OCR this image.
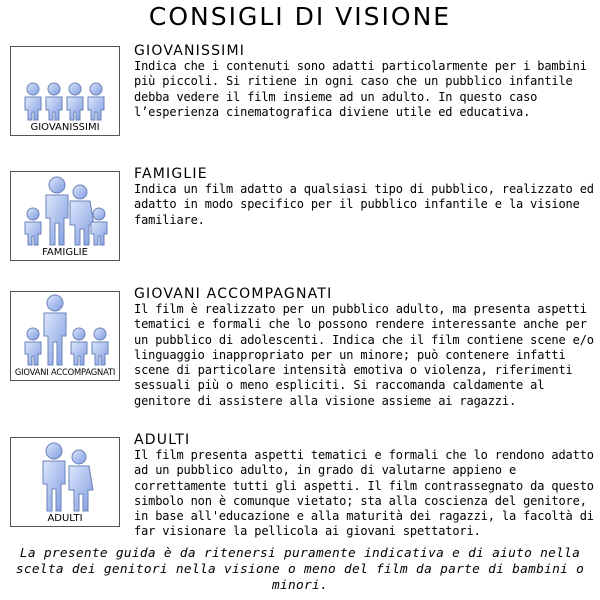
CONSIGLI DI VISIONE
GIOVANISSIMI

GIOVANISSIMI

Indica che i contenuti sono adatti particolarmente per i bambini più piccoli. Si ritiene in ogni caso che un pubblico infantile debba vedere il film insieme ad un adulto. In questo caso l’esperienza cinematografica diviene utile ed educativa.

FAMIGLIE

FAMIGLIE

Indica un film adatto a qualsiasi tipo di pubblico, realizzato ed adatto in modo specifico per il pubblico infantile e la visione familiare.

GIOVANI ACCOMPAGNATI

GIOVANI ACCOMPAGNATI

Il film è realizzato per un pubblico adulto, ma presenta aspetti tematici e formali che lo possono rendere interessante anche per un pubblico di adolescenti. Indica che il film contiene scene e/o linguaggio inappropriato per un minore; può contenere infatti scene di particolare intensità emotiva o violenza, riferimenti sessuali più o meno espliciti. Si raccomanda caldamente al genitore di assistere alla visione assieme ai ragazzi.

ADULTI

ADULTI

Il film presenta aspetti tematici e formali che lo rendono adatto ad un pubblico adulto, in grado di valutarne appieno e correttamente tutti gli aspetti. Il film contrassegnato da questo simbolo non è comunque vietato; sta alla coscienza del genitore, in base all'educazione e alla maturità dei ragazzi, la facoltà di far visionare la pellicola ai giovani spettatori.

La presente guida è da ritenersi puramente indicativa e di aiuto nella scelta dei genitori nella visione o meno del film da parte di bambini o minori.
